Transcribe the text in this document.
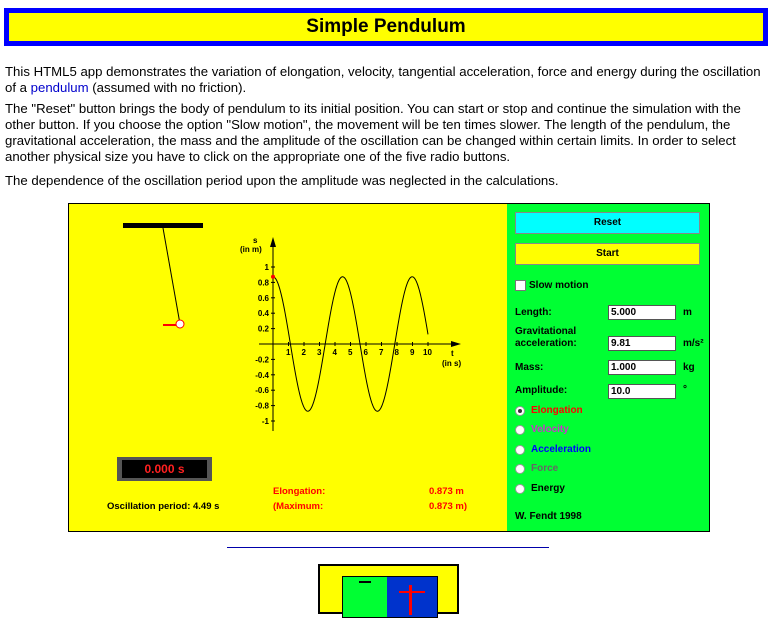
Simple Pendulum

This HTML5 app demonstrates the variation of elongation, velocity, tangential acceleration, force and energy during the oscillation of a pendulum (assumed with no friction).

The "Reset" button brings the body of pendulum to its initial position. You can start or stop and continue the simulation with the other button. If you choose the option "Slow motion", the movement will be ten times slower. The length of the pendulum, the gravitational acceleration, the mass and the amplitude of the oscillation can be changed within certain limits. In order to select another physical size you have to click on the appropriate one of the five radio buttons.

The dependence of the oscillation period upon the amplitude was neglected in the calculations.

1 2 3 4 5 6 7 8 9 10
1
0.8
0.6
0.4
0.2
-0.2
-0.4
-0.6
-0.8
-1
s
(in m)
t
(in s)
0.000 s
Oscillation period: 4.49 s
Elongation:	0.873 m
(Maximum:	0.873 m)
Reset
Start
Slow motion
Length:
5.000	m
Gravitational
acceleration:
9.81	m/s²
Mass:
1.000	kg
Amplitude:
10.0	°
Elongation
Velocity
Acceleration
Force
Energy
W. Fendt 1998
